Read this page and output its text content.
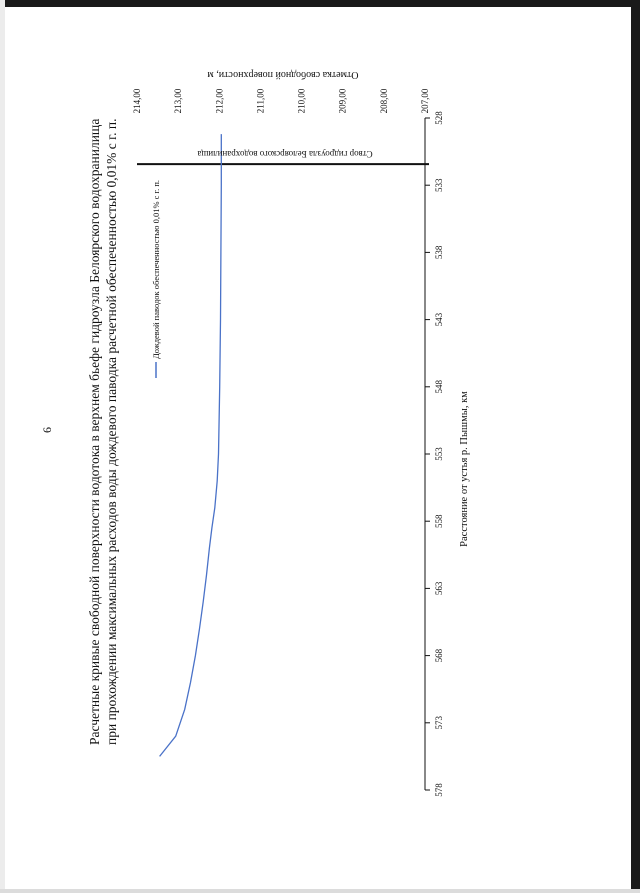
6 Расчетные кривые свободной поверхности водотока в верхнем бьефе гидроузла Белоярского водохранилища при прохождении максимальных расходов воды дождевого паводка расчетной обеспеченностью 0,01% с г. п.
528
533
538
543
548
553
558
563
568
573
578
207,00
208,00
209,00
210,00
211,00
212,00
213,00
214,00
Расстояние от устья р. Пышмы, км
Отметка свободной поверхности, м
Створ гидроузла Белоярского водохранилища
Дождевой паводок обеспеченностью 0,01% с г. п.
